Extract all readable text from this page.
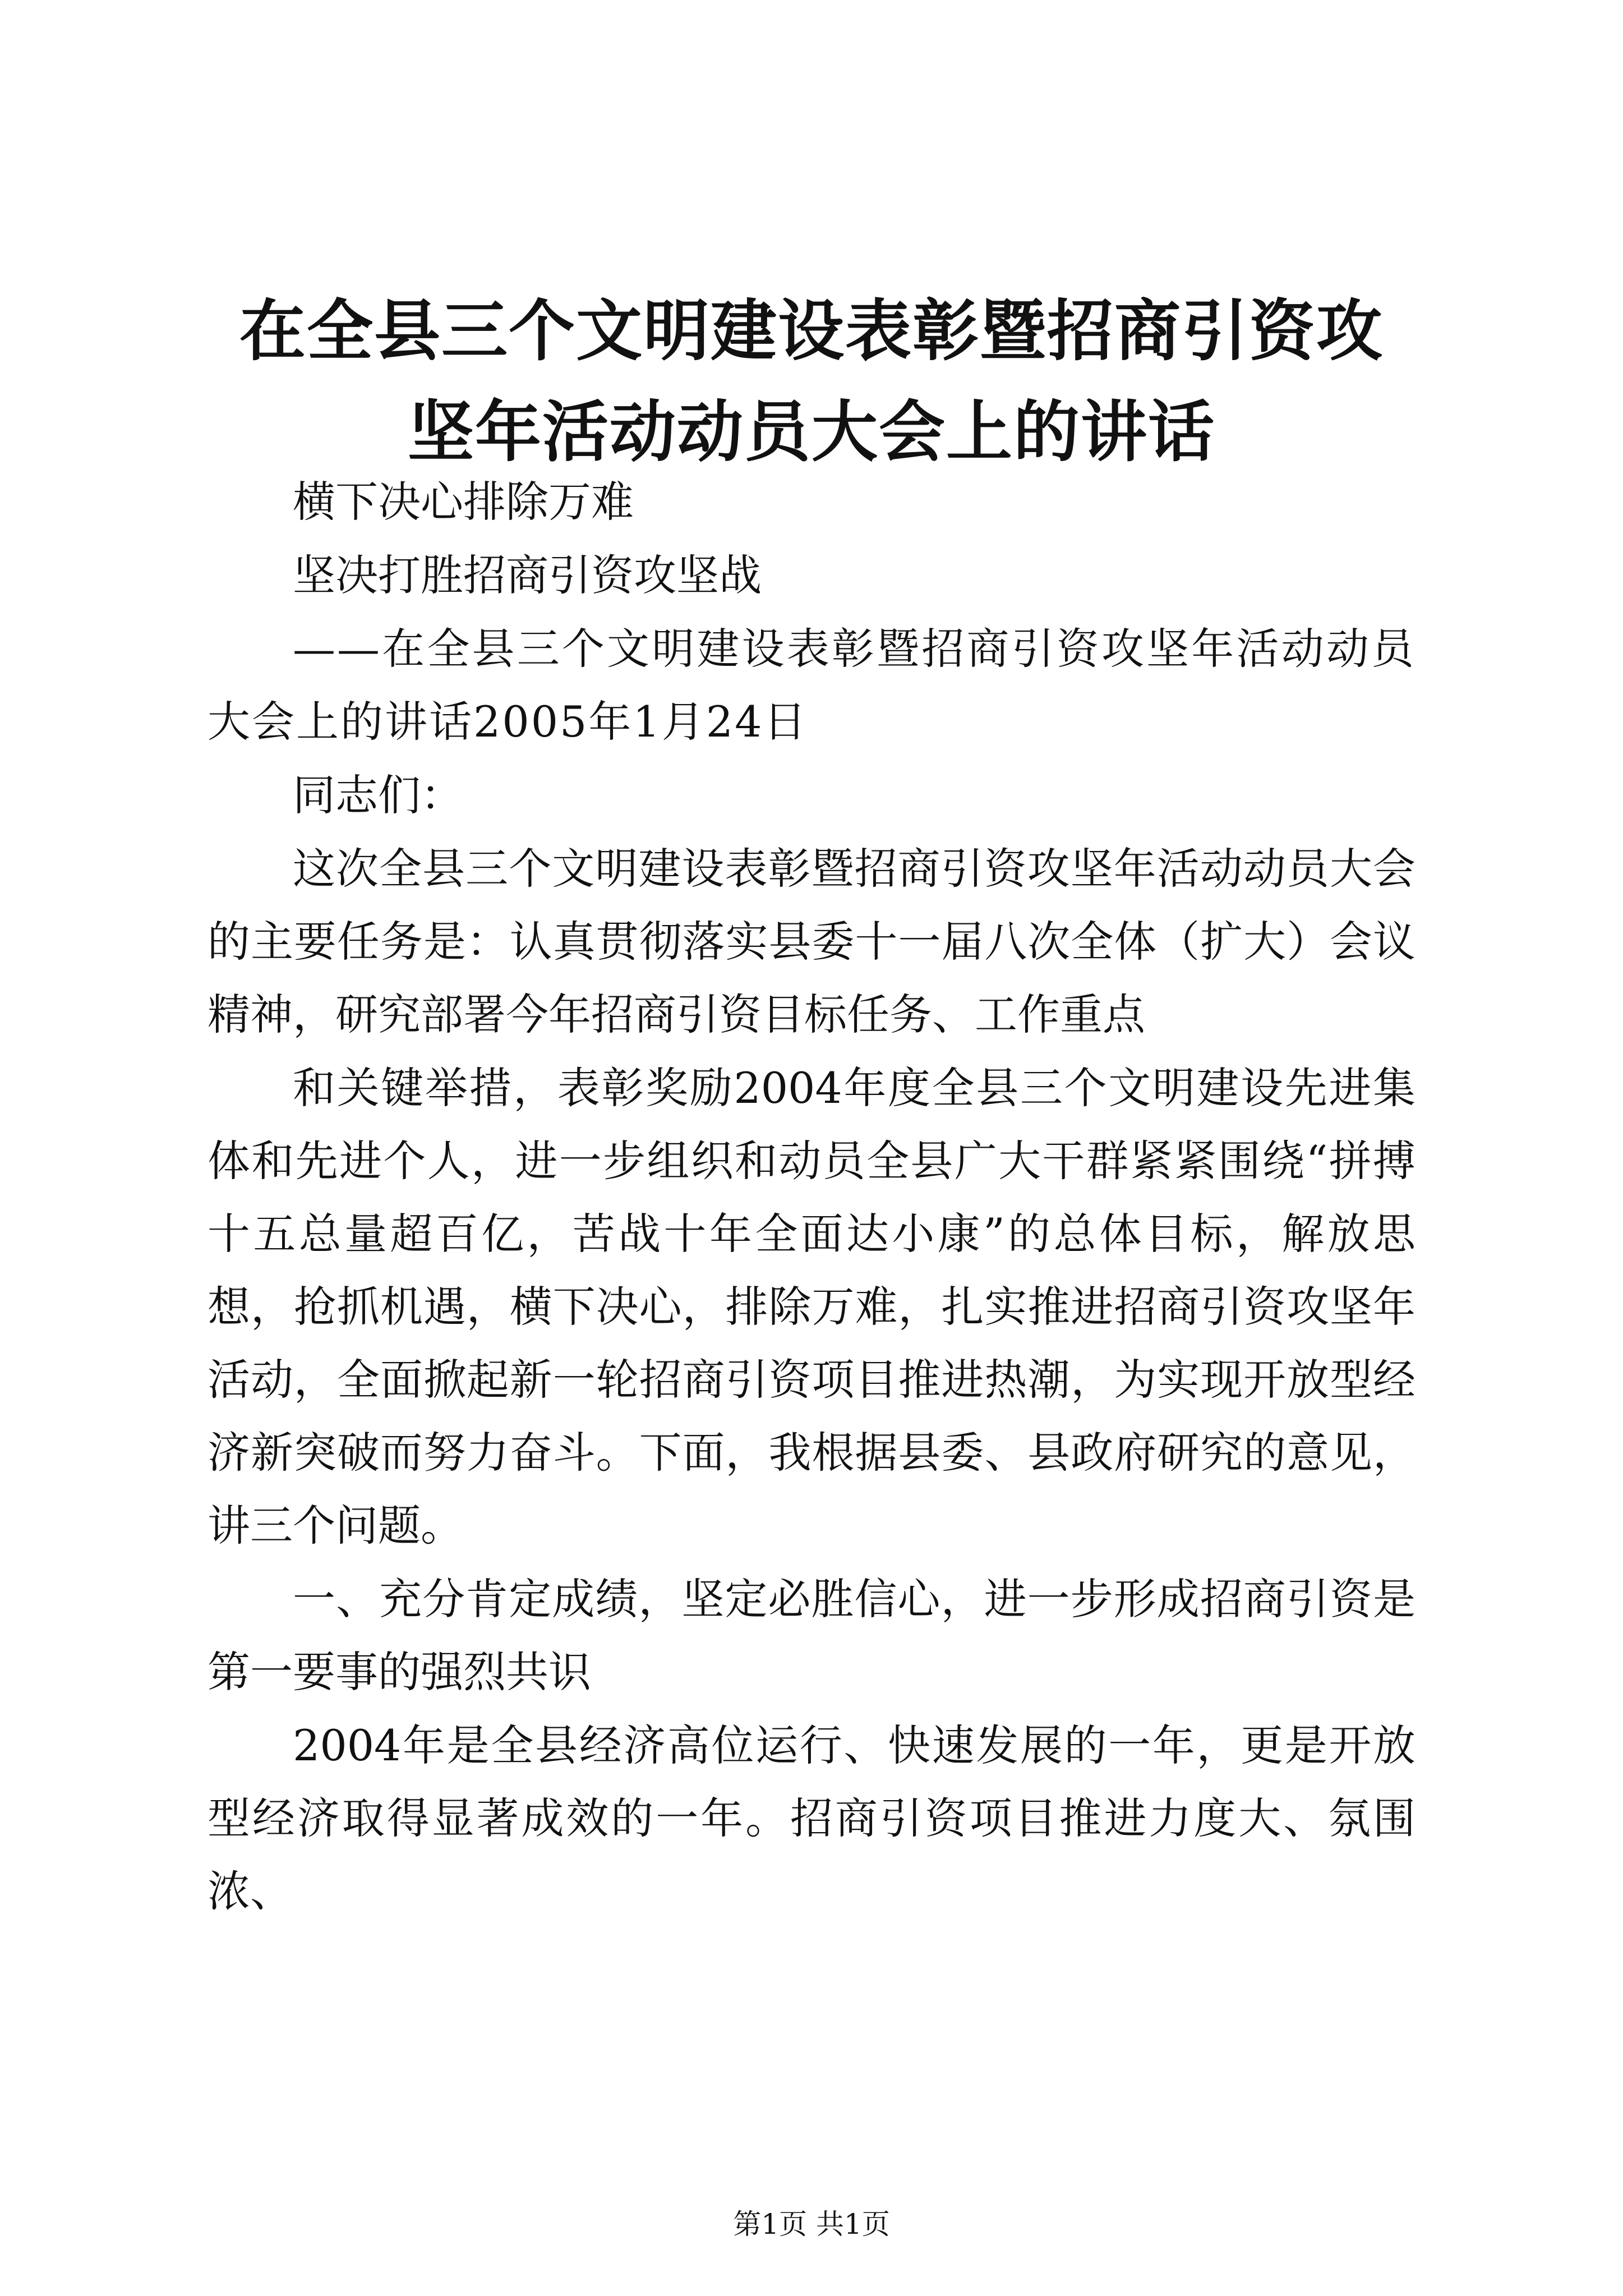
在全县三个文明建设表彰暨招商引资攻坚年活动动员大会上的讲话

横下决心排除万难

坚决打胜招商引资攻坚战

——在全县三个文明建设表彰暨招商引资攻坚年活动动员大会上的讲话2005年1月24日

同志们：

这次全县三个文明建设表彰暨招商引资攻坚年活动动员大会的主要任务是：认真贯彻落实县委十一届八次全体（扩大）会议精神，研究部署今年招商引资目标任务、工作重点

和关键举措，表彰奖励2004年度全县三个文明建设先进集体和先进个人，进一步组织和动员全县广大干群紧紧围绕“拼搏十五总量超百亿，苦战十年全面达小康”的总体目标，解放思想，抢抓机遇，横下决心，排除万难，扎实推进招商引资攻坚年活动，全面掀起新一轮招商引资项目推进热潮，为实现开放型经济新突破而努力奋斗。下面，我根据县委、县政府研究的意见，讲三个问题。

一、充分肯定成绩，坚定必胜信心，进一步形成招商引资是第一要事的强烈共识

2004年是全县经济高位运行、快速发展的一年，更是开放型经济取得显著成效的一年。招商引资项目推进力度大、氛围浓、

第1页 共1页
